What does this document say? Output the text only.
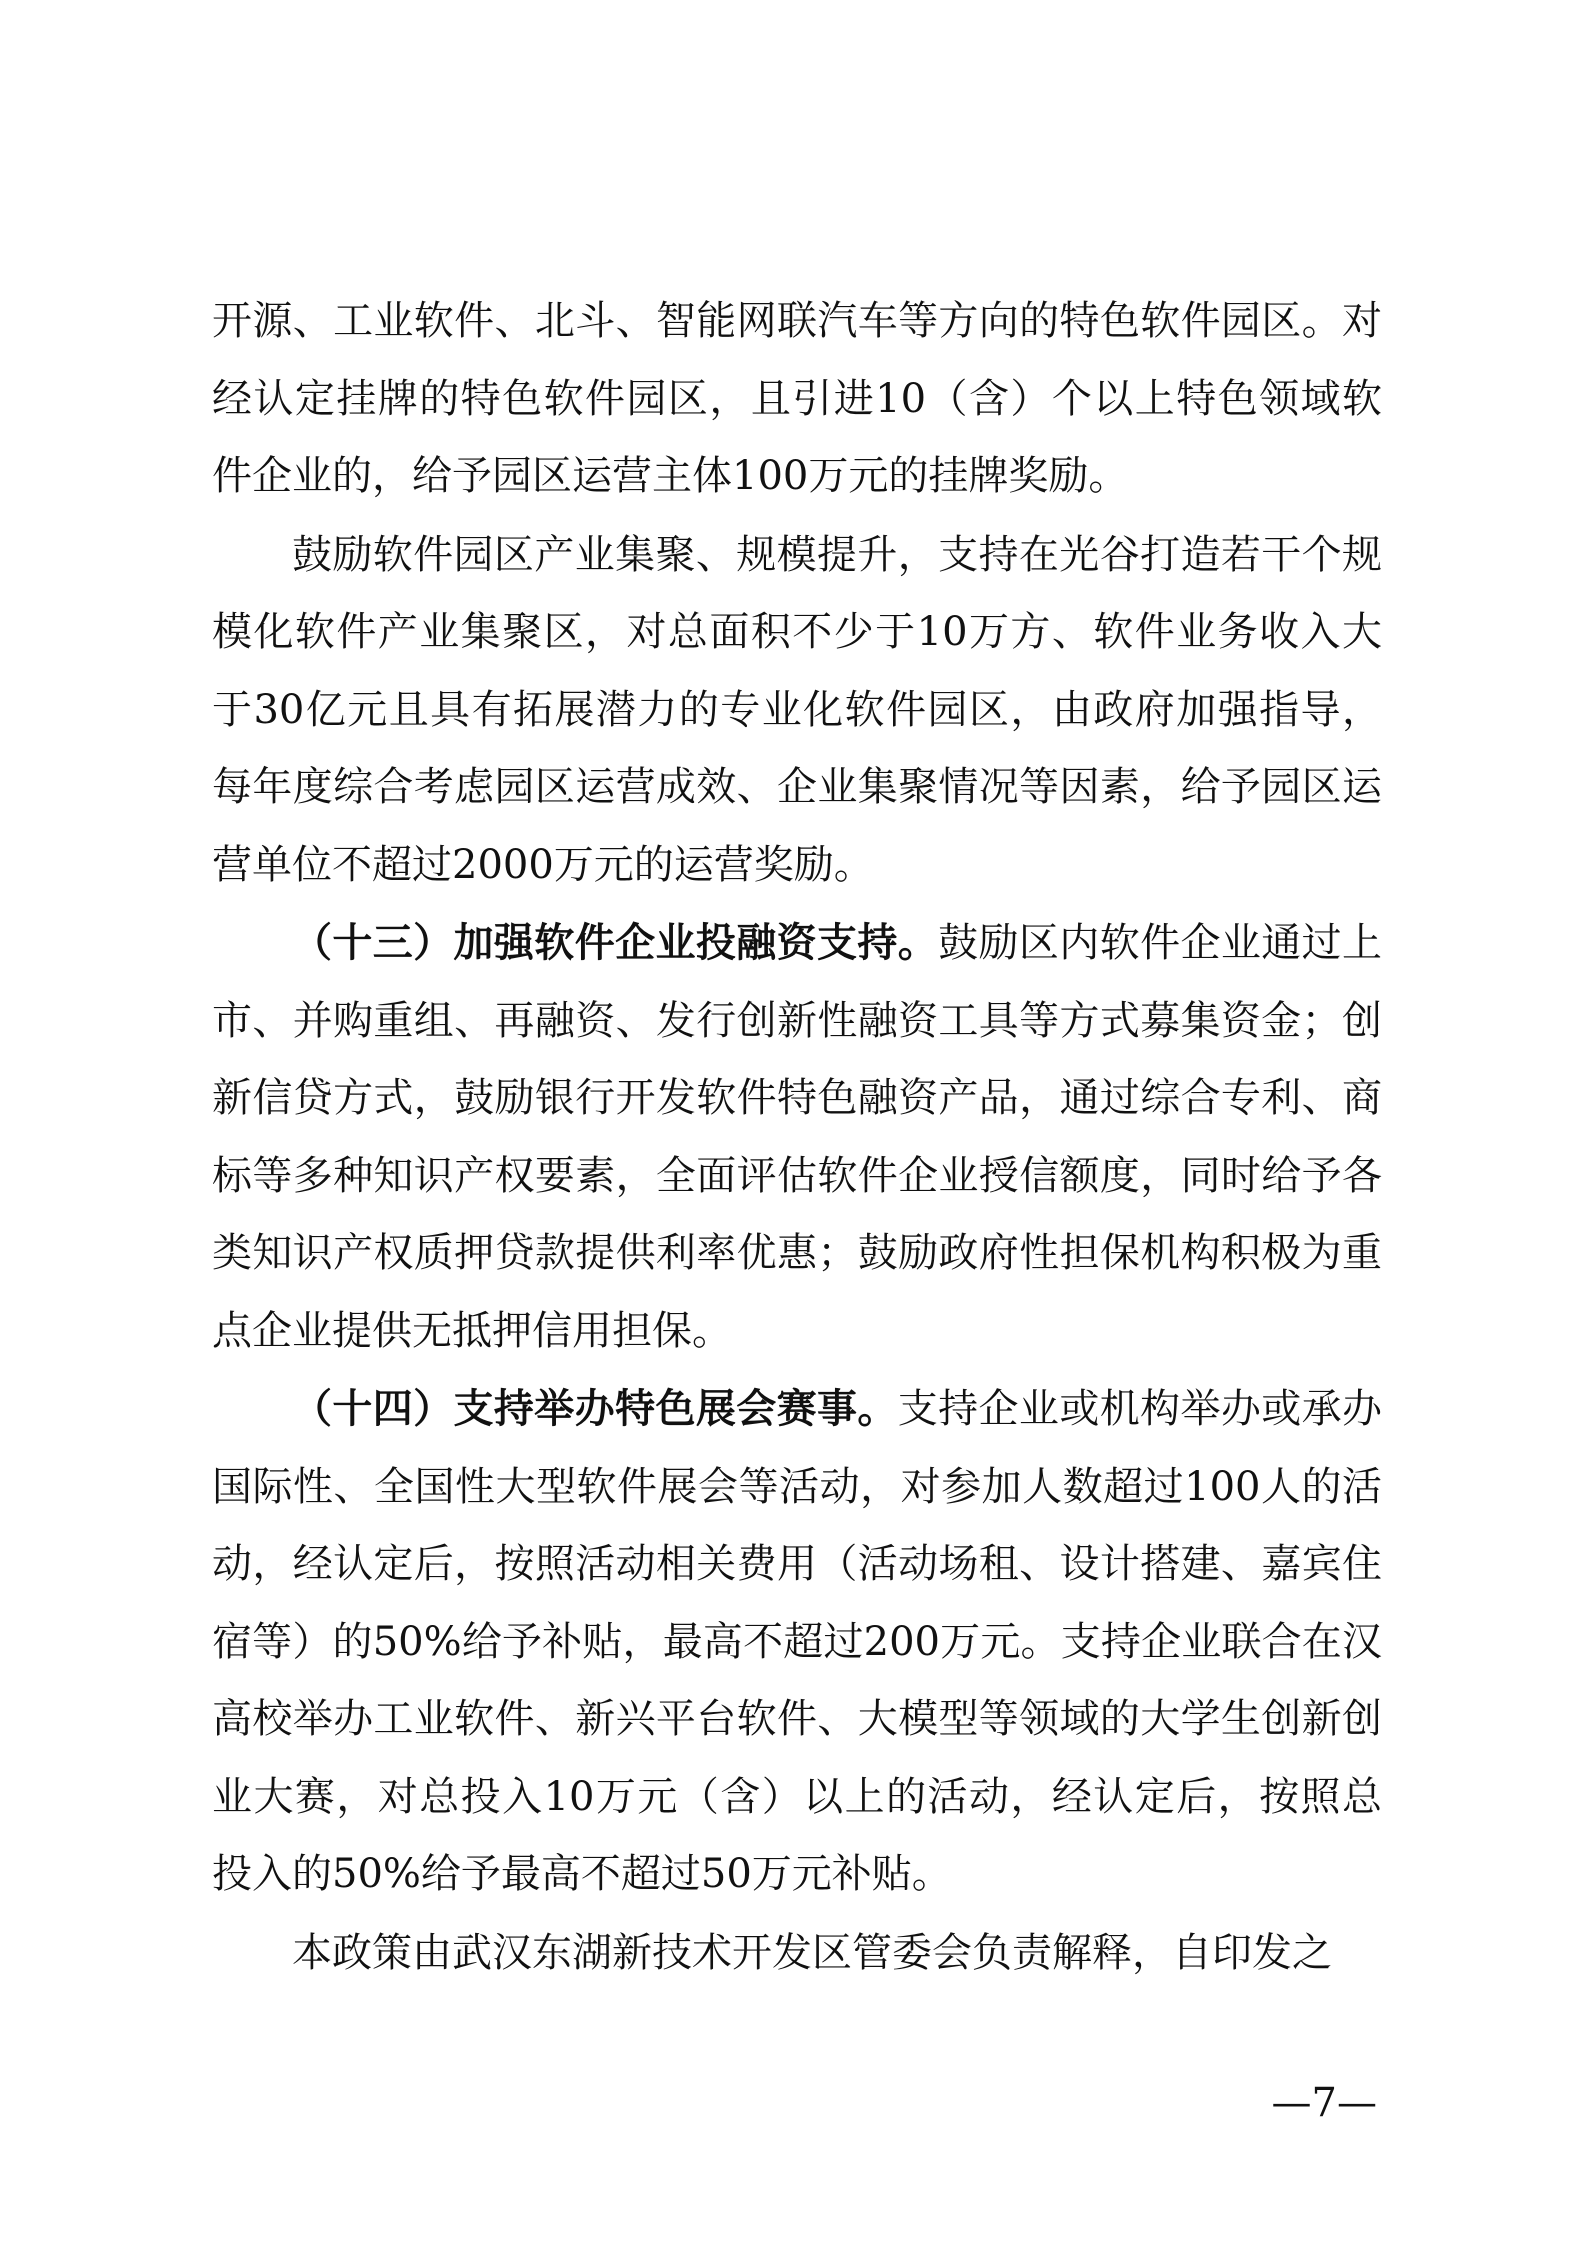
开源、工业软件、北斗、智能网联汽车等方向的特色软件园区。对经认定挂牌的特色软件园区，且引进10（含）个以上特色领域软件企业的，给予园区运营主体100万元的挂牌奖励。

鼓励软件园区产业集聚、规模提升，支持在光谷打造若干个规模化软件产业集聚区，对总面积不少于10万方、软件业务收入大于30亿元且具有拓展潜力的专业化软件园区，由政府加强指导，每年度综合考虑园区运营成效、企业集聚情况等因素，给予园区运营单位不超过2000万元的运营奖励。

（十三）加强软件企业投融资支持。鼓励区内软件企业通过上市、并购重组、再融资、发行创新性融资工具等方式募集资金；创新信贷方式，鼓励银行开发软件特色融资产品，通过综合专利、商标等多种知识产权要素，全面评估软件企业授信额度，同时给予各类知识产权质押贷款提供利率优惠；鼓励政府性担保机构积极为重点企业提供无抵押信用担保。

（十四）支持举办特色展会赛事。支持企业或机构举办或承办国际性、全国性大型软件展会等活动，对参加人数超过100人的活动，经认定后，按照活动相关费用（活动场租、设计搭建、嘉宾住宿等）的50%给予补贴，最高不超过200万元。支持企业联合在汉高校举办工业软件、新兴平台软件、大模型等领域的大学生创新创业大赛，对总投入10万元（含）以上的活动，经认定后，按照总投入的50%给予最高不超过50万元补贴。

本政策由武汉东湖新技术开发区管委会负责解释，自印发之

—7—
